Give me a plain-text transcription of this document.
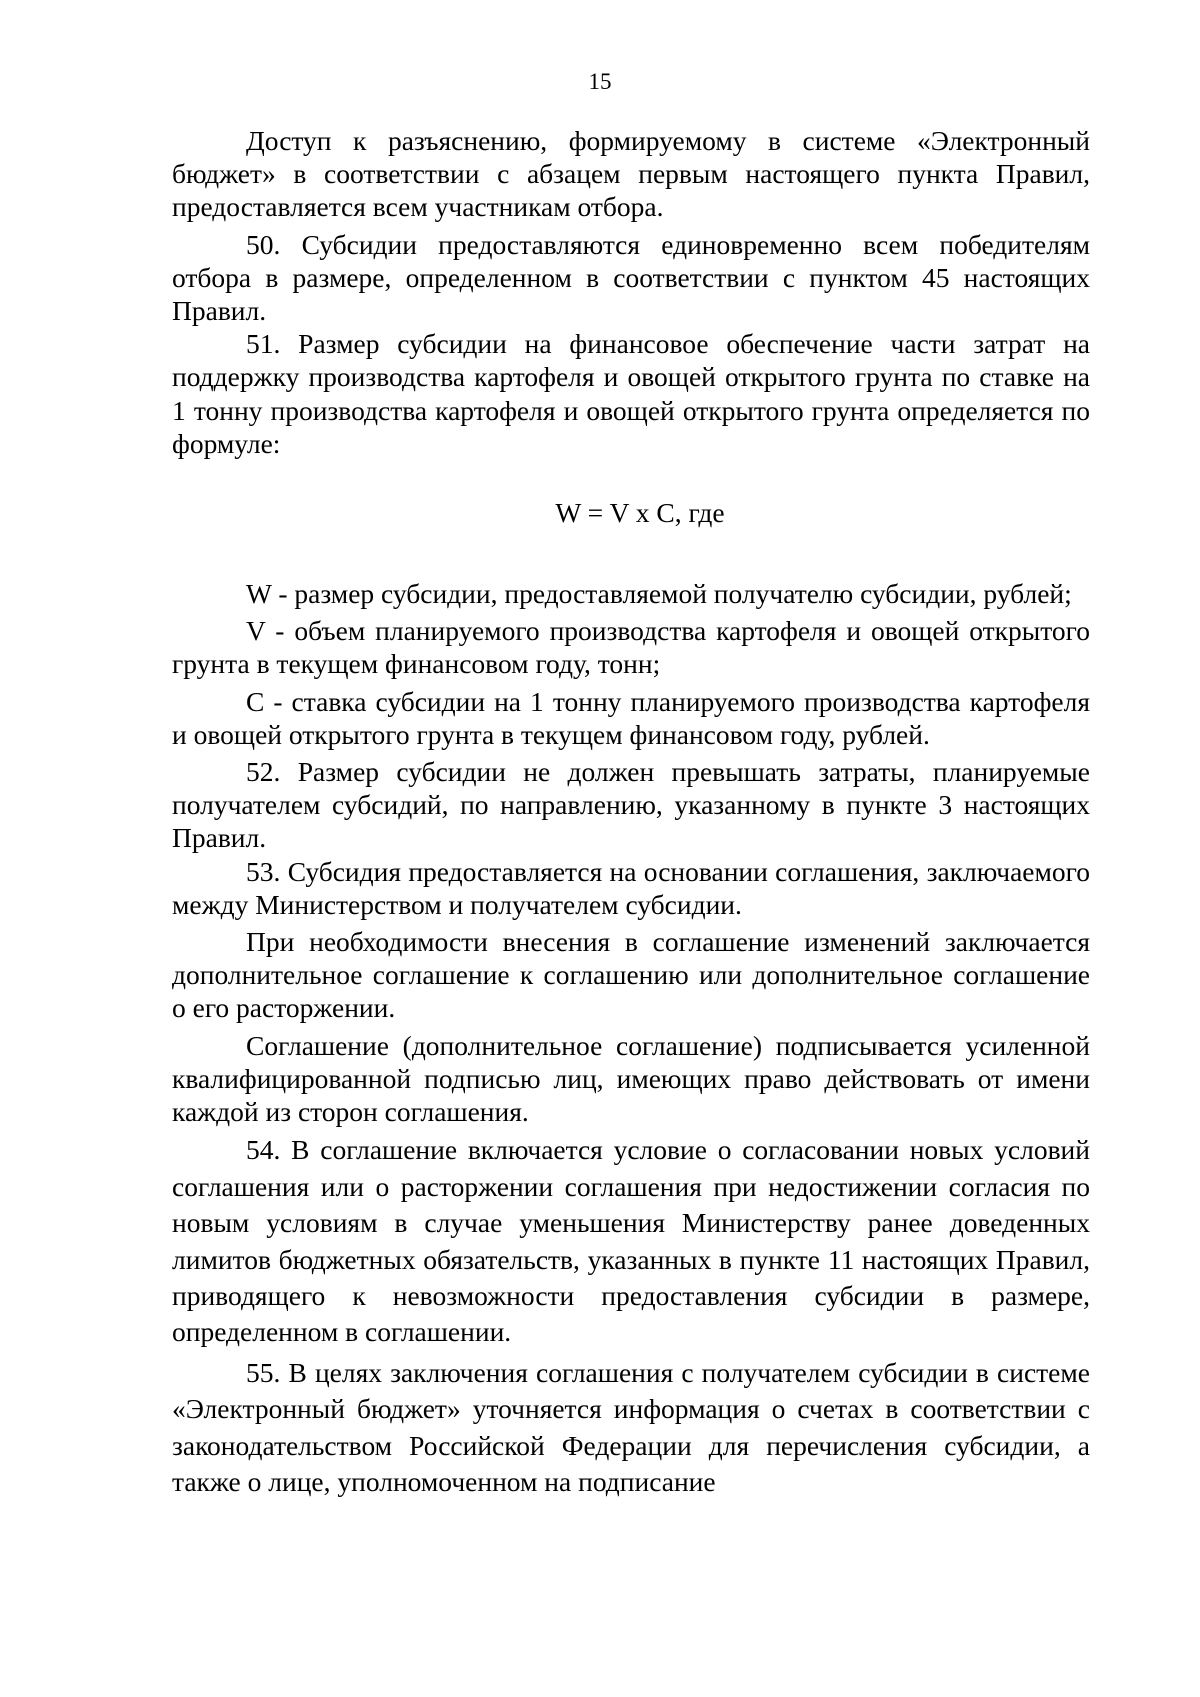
15

Доступ к разъяснению, формируемому в системе «Электронный бюджет» в соответствии с абзацем первым настоящего пункта Правил, предоставляется всем участникам отбора.

50. Субсидии предоставляются единовременно всем победителям отбора в размере, определенном в соответствии с пунктом 45 настоящих Правил.

51. Размер субсидии на финансовое обеспечение части затрат на поддержку производства картофеля и овощей открытого грунта по ставке на 1 тонну производства картофеля и овощей открытого грунта определяется по формуле:

W = V x C, где

W - размер субсидии, предоставляемой получателю субсидии, рублей;

V - объем планируемого производства картофеля и овощей открытого грунта в текущем финансовом году, тонн;

C - ставка субсидии на 1 тонну планируемого производства картофеля и овощей открытого грунта в текущем финансовом году, рублей.

52. Размер субсидии не должен превышать затраты, планируемые получателем субсидий, по направлению, указанному в пункте 3 настоящих Правил.

53. Субсидия предоставляется на основании соглашения, заключаемого между Министерством и получателем субсидии.

При необходимости внесения в соглашение изменений заключается дополнительное соглашение к соглашению или дополнительное соглашение о его расторжении.

Соглашение (дополнительное соглашение) подписывается усиленной квалифицированной подписью лиц, имеющих право действовать от имени каждой из сторон соглашения.

54. В соглашение включается условие о согласовании новых условий соглашения или о расторжении соглашения при недостижении согласия по новым условиям в случае уменьшения Министерству ранее доведенных лимитов бюджетных обязательств, указанных в пункте 11 настоящих Правил, приводящего к невозможности предоставления субсидии в размере, определенном в соглашении.

55. В целях заключения соглашения с получателем субсидии в системе «Электронный бюджет» уточняется информация о счетах в соответствии с законодательством Российской Федерации для перечисления субсидии, а также о лице, уполномоченном на подписание
